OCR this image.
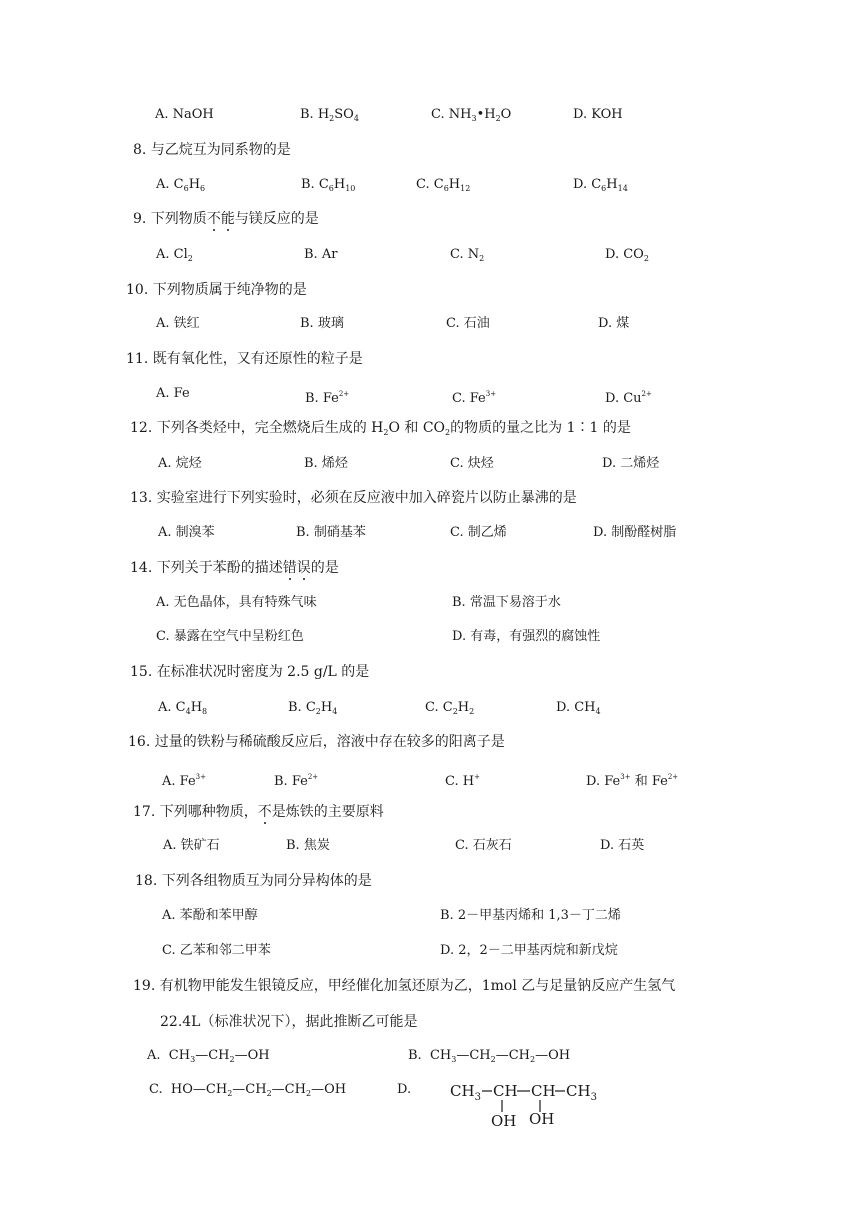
A. NaOH	B. $H_2SO_4$	C. $NH_3•H_2O$	D. KOH
8. 与乙烷互为同系物的是
A. $C_6H_6$	B. $C_6H_{10}$	C. $C_6H_{12}$	D. $C_6H_{14}$
9. 下列物质不能与镁反应的是
A. $Cl_2$	B. Ar	C. $N_2$	D. $CO_2$
10. 下列物质属于纯净物的是
A. 铁红	B. 玻璃	C. 石油	D. 煤
11. 既有氧化性，又有还原性的粒子是
A. Fe	B. $Fe^{2+}$	C. $Fe^{3+}$	D. $Cu^{2+}$
12. 下列各类烃中，完全燃烧后生成的 $H_2O$ 和 $CO_2$的物质的量之比为 1∶1 的是
A. 烷烃	B. 烯烃	C. 炔烃	D. 二烯烃
13. 实验室进行下列实验时，必须在反应液中加入碎瓷片以防止暴沸的是
A. 制溴苯	B. 制硝基苯	C. 制乙烯	D. 制酚醛树脂
14. 下列关于苯酚的描述错误的是
A. 无色晶体，具有特殊气味	B. 常温下易溶于水
C. 暴露在空气中呈粉红色	D. 有毒，有强烈的腐蚀性
15. 在标准状况时密度为 2.5 g/L 的是
A. $C_4H_8$	B. $C_2H_4$	C. $C_2H_2$	D. $CH_4$
16. 过量的铁粉与稀硫酸反应后，溶液中存在较多的阳离子是
A. $Fe^{3+}$	B. $Fe^{2+}$	C. H+	D. $Fe^{3+}$ 和 $Fe^{2+}$
17. 下列哪种物质，不是炼铁的主要原料
A. 铁矿石	B. 焦炭	C. 石灰石	D. 石英
18. 下列各组物质互为同分异构体的是
A. 苯酚和苯甲醇	B. 2－甲基丙烯和 1,3－丁二烯
C. 乙苯和邻二甲苯	D. 2，2－二甲基丙烷和新戊烷
19. 有机物甲能发生银镜反应，甲经催化加氢还原为乙，1mol 乙与足量钠反应产生氢气
22.4L（标准状况下），据此推断乙可能是
A. $CH_3—CH_2—OH$	B. $CH_3—CH_2—CH_2—OH$
C. $HO—CH_2—CH_2—CH_2—OH$	D.	$CH_3$ CH CH $CH_3$
OH OH
